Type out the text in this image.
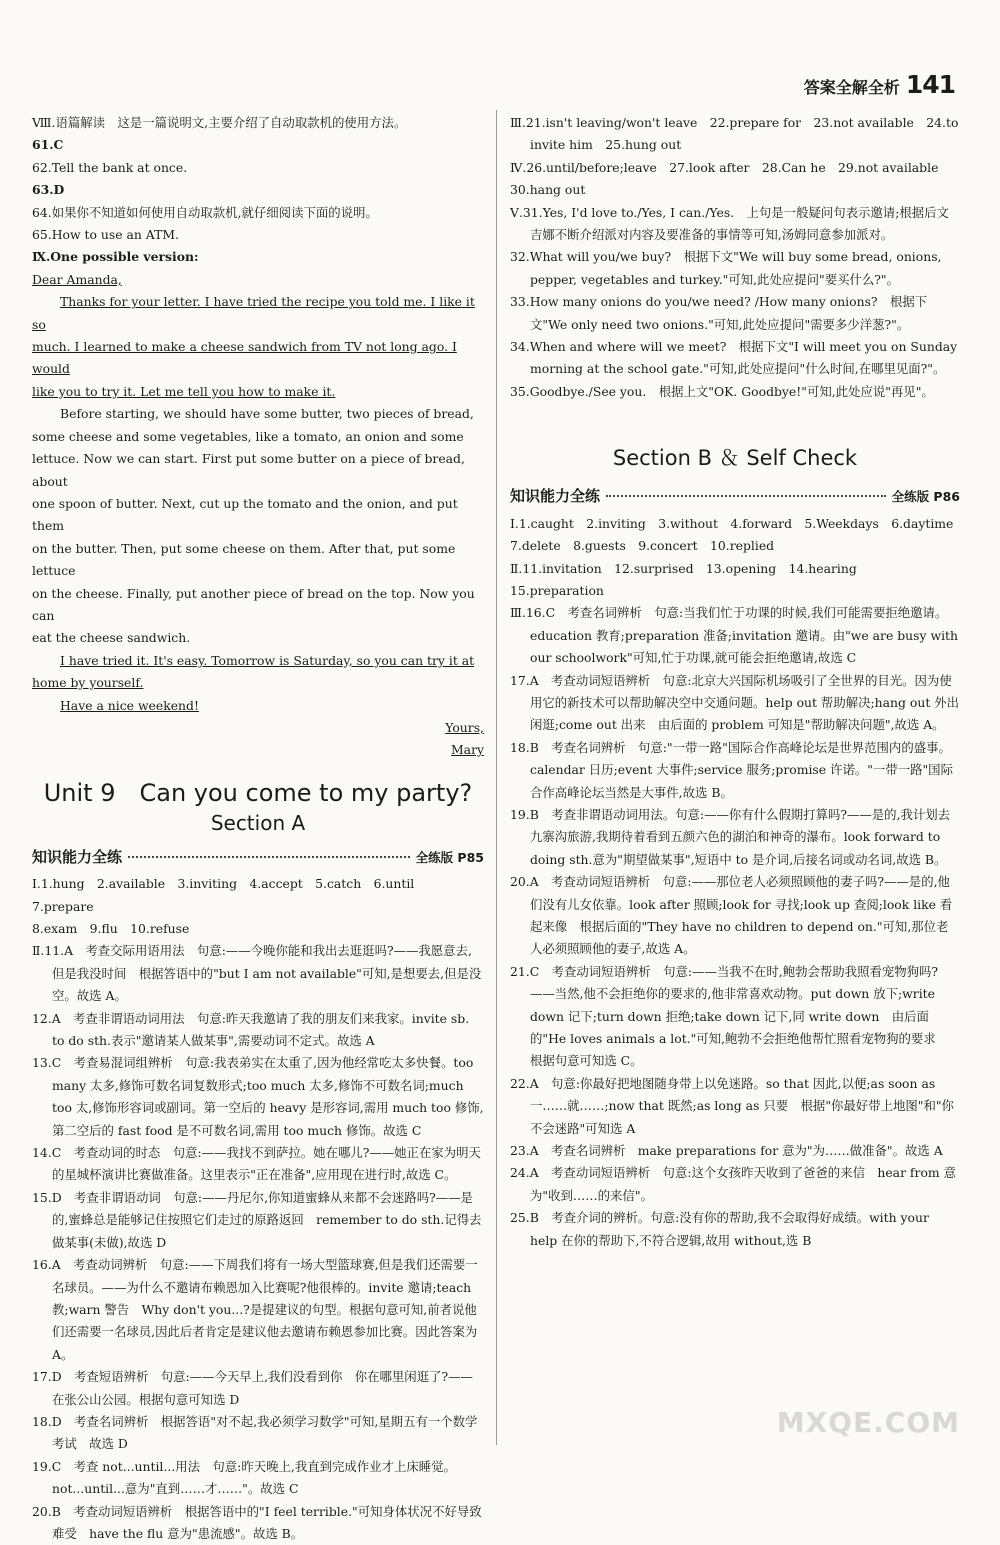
答案全解全析 141

Ⅷ.语篇解读　这是一篇说明文,主要介绍了自动取款机的使用方法。

61.C

62.Tell the bank at once.

63.D

64.如果你不知道如何使用自动取款机,就仔细阅读下面的说明。

65.How to use an ATM.

Ⅸ.One possible version:

Dear Amanda,

Thanks for your letter. I have tried the recipe you told me. I like it so

much. I learned to make a cheese sandwich from TV not long ago. I would

like you to try it. Let me tell you how to make it.

Before starting, we should have some butter, two pieces of bread,

some cheese and some vegetables, like a tomato, an onion and some

lettuce. Now we can start. First put some butter on a piece of bread, about

one spoon of butter. Next, cut up the tomato and the onion, and put them

on the butter. Then, put some cheese on them. After that, put some lettuce

on the cheese. Finally, put another piece of bread on the top. Now you can

eat the cheese sandwich.

I have tried it. It's easy. Tomorrow is Saturday, so you can try it at

home by yourself.

Have a nice weekend!

Yours,

Mary

Unit 9　Can you come to my party?
Section A
知识能力全练	全练版 P85

Ⅰ.1.hung　2.available　3.inviting　4.accept　5.catch　6.until　7.prepare

8.exam　9.flu　10.refuse

Ⅱ.11.A　考查交际用语用法　句意:——今晚你能和我出去逛逛吗?——我愿意去,但是我没时间　根据答语中的"but I am not available"可知,是想要去,但是没空。故选 A。

12.A　考查非谓语动词用法　句意:昨天我邀请了我的朋友们来我家。invite sb. to do sth.表示"邀请某人做某事",需要动词不定式。故选 A

13.C　考查易混词组辨析　句意:我表弟实在太重了,因为他经常吃太多快餐。too many 太多,修饰可数名词复数形式;too much 太多,修饰不可数名词;much too 太,修饰形容词或副词。第一空后的 heavy 是形容词,需用 much too 修饰,第二空后的 fast food 是不可数名词,需用 too much 修饰。故选 C

14.C　考查动词的时态　句意:——我找不到萨拉。她在哪儿?——她正在家为明天的星城杯演讲比赛做准备。这里表示"正在准备",应用现在进行时,故选 C。

15.D　考查非谓语动词　句意:——丹尼尔,你知道蜜蜂从来都不会迷路吗?——是的,蜜蜂总是能够记住按照它们走过的原路返回　remember to do sth.记得去做某事(未做),故选 D

16.A　考查动词辨析　句意:——下周我们将有一场大型篮球赛,但是我们还需要一名球员。——为什么不邀请布赖恩加入比赛呢?他很棒的。invite 邀请;teach 教;warn 警告　Why don't you...?是提建议的句型。根据句意可知,前者说他们还需要一名球员,因此后者肯定是建议他去邀请布赖恩参加比赛。因此答案为 A。

17.D　考查短语辨析　句意:——今天早上,我们没看到你　你在哪里闲逛了?——在张公山公园。根据句意可知选 D

18.D　考查名词辨析　根据答语"对不起,我必须学习数学"可知,星期五有一个数学考试　故选 D

19.C　考查 not...until...用法　句意:昨天晚上,我直到完成作业才上床睡觉。not...until...意为"直到……才……"。故选 C

20.B　考查动词短语辨析　根据答语中的"I feel terrible."可知身体状况不好导致难受　have the flu 意为"患流感"。故选 B。

Ⅲ.21.isn't leaving/won't leave　22.prepare for　23.not available　24.to invite him　25.hung out

Ⅳ.26.until/before;leave　27.look after　28.Can he　29.not available

30.hang out

Ⅴ.31.Yes, I'd love to./Yes, I can./Yes.　上句是一般疑问句表示邀请;根据后文吉娜不断介绍派对内容及要准备的事情等可知,汤姆同意参加派对。

32.What will you/we buy?　根据下文"We will buy some bread, onions, pepper, vegetables and turkey."可知,此处应提问"要买什么?"。

33.How many onions do you/we need? /How many onions?　根据下文"We only need two onions."可知,此处应提问"需要多少洋葱?"。

34.When and where will we meet?　根据下文"I will meet you on Sunday morning at the school gate."可知,此处应提问"什么时间,在哪里见面?"。

35.Goodbye./See you.　根据上文"OK. Goodbye!"可知,此处应说"再见"。

Section B ＆ Self Check
知识能力全练	全练版 P86

Ⅰ.1.caught　2.inviting　3.without　4.forward　5.Weekdays　6.daytime

7.delete　8.guests　9.concert　10.replied

Ⅱ.11.invitation　12.surprised　13.opening　14.hearing　15.preparation

Ⅲ.16.C　考查名词辨析　句意:当我们忙于功课的时候,我们可能需要拒绝邀请。education 教育;preparation 准备;invitation 邀请。由"we are busy with our schoolwork"可知,忙于功课,就可能会拒绝邀请,故选 C

17.A　考查动词短语辨析　句意:北京大兴国际机场吸引了全世界的目光。因为使用它的新技术可以帮助解决空中交通问题。help out 帮助解决;hang out 外出闲逛;come out 出来　由后面的 problem 可知是"帮助解决问题",故选 A。

18.B　考查名词辨析　句意:"一带一路"国际合作高峰论坛是世界范围内的盛事。calendar 日历;event 大事件;service 服务;promise 许诺。"一带一路"国际合作高峰论坛当然是大事件,故选 B。

19.B　考查非谓语动词用法。句意:——你有什么假期打算吗?——是的,我计划去九寨沟旅游,我期待着看到五颜六色的湖泊和神奇的瀑布。look forward to doing sth.意为"期望做某事",短语中 to 是介词,后接名词或动名词,故选 B。

20.A　考查动词短语辨析　句意:——那位老人必须照顾他的妻子吗?——是的,他们没有儿女依靠。look after 照顾;look for 寻找;look up 查阅;look like 看起来像　根据后面的"They have no children to depend on."可知,那位老人必须照顾他的妻子,故选 A。

21.C　考查动词短语辨析　句意:——当我不在时,鲍勃会帮助我照看宠物狗吗?——当然,他不会拒绝你的要求的,他非常喜欢动物。put down 放下;write down 记下;turn down 拒绝;take down 记下,同 write down　由后面的"He loves animals a lot."可知,鲍勃不会拒绝他帮忙照看宠物狗的要求　根据句意可知选 C。

22.A　句意:你最好把地图随身带上以免迷路。so that 因此,以便;as soon as 一……就……;now that 既然;as long as 只要　根据"你最好带上地图"和"你不会迷路"可知选 A

23.A　考查名词辨析　make preparations for 意为"为……做准备"。故选 A

24.A　考查动词短语辨析　句意:这个女孩昨天收到了爸爸的来信　hear from 意为"收到……的来信"。

25.B　考查介词的辨析。句意:没有你的帮助,我不会取得好成绩。with your help 在你的帮助下,不符合逻辑,故用 without,选 B

MXQE.COM
